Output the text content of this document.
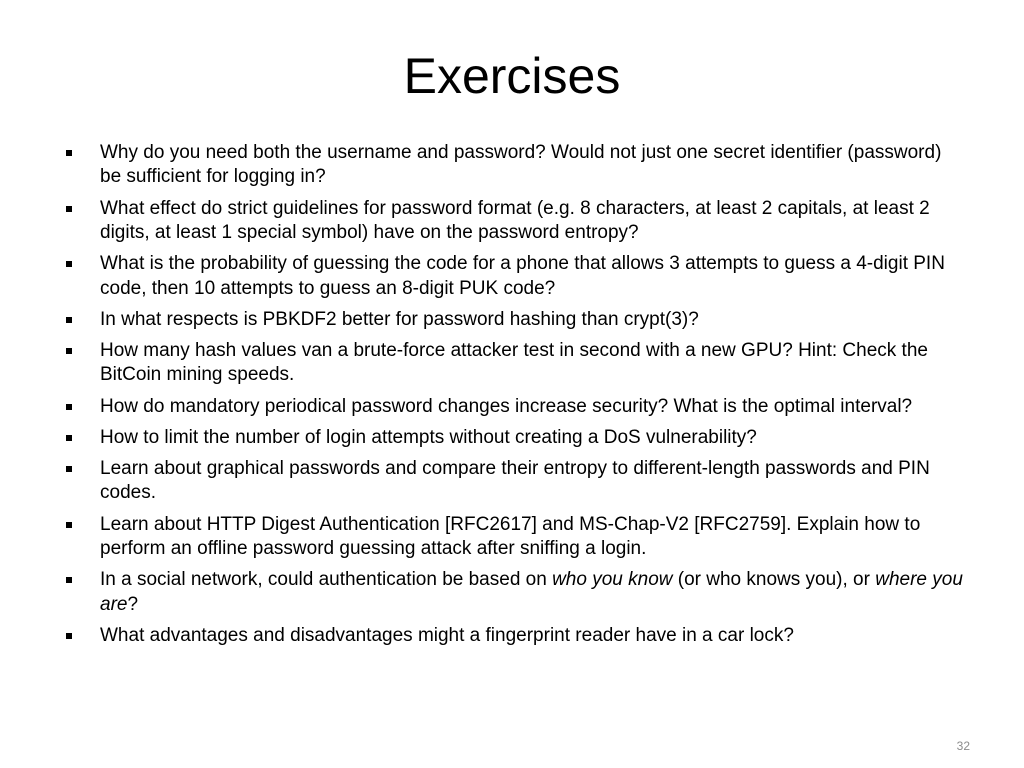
Exercises
Why do you need both the username and password? Would not just one secret identifier (password) be sufficient for logging in?
What effect do strict guidelines for password format (e.g. 8 characters, at least 2 capitals, at least 2 digits, at least 1 special symbol) have on the password entropy?
What is the probability of guessing the code for a phone that allows 3 attempts to guess a 4-digit PIN code, then 10 attempts to guess an 8-digit PUK code?
In what respects is PBKDF2 better for password hashing than crypt(3)?
How many hash values van a brute-force attacker test in second with a new GPU? Hint: Check the BitCoin mining speeds.
How do mandatory periodical password changes increase security? What is the optimal interval?
How to limit the number of login attempts without creating a DoS vulnerability?
Learn about graphical passwords and compare their entropy to different-length passwords and PIN codes.
Learn about HTTP Digest Authentication [RFC2617] and MS-Chap-V2 [RFC2759]. Explain how to perform an offline password guessing attack after sniffing a login.
In a social network, could authentication be based on who you know (or who knows you), or where you are?
What advantages and disadvantages might a fingerprint reader have in a car lock?
32
